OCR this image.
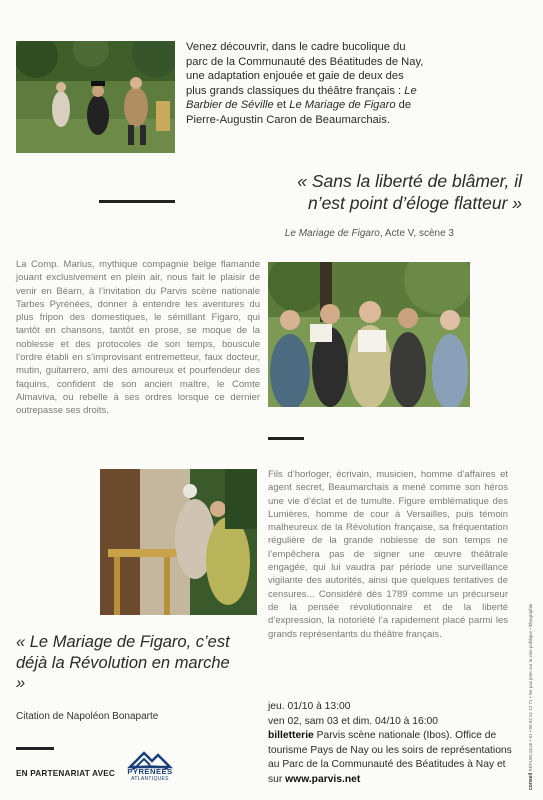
Venez découvrir, dans le cadre bucolique du parc de la Communauté des Béatitudes de Nay, une adaptation enjouée et gaie de deux des plus grands classiques du théâtre français : Le Barbier de Séville et Le Mariage de Figaro de Pierre-Augustin Caron de Beaumarchais.
« Sans la liberté de blâmer, il n’est point d’éloge flatteur »
Le Mariage de Figaro, Acte V, scène 3
La Comp. Marius, mythique compagnie belge flamande jouant exclusivement en plein air, nous fait le plaisir de venir en Béarn, à l’invitation du Parvis scène nationale Tarbes Pyrénées, donner à entendre les aventures du plus fripon des domestiques, le sémillant Figaro, qui tantôt en chansons, tantôt en prose, se moque de la noblesse et des protocoles de son temps, bouscule l’ordre établi en s’improvisant entremetteur, faux docteur, mutin, guitarrero, ami des amoureux et pourfendeur des faquins, confident de son ancien maître, le Comte Almaviva, ou rebelle à ses ordres lorsque ce dernier outrepasse ses droits.
Fils d’horloger, écrivain, musicien, homme d’affaires et agent secret, Beaumarchais a mené comme son héros une vie d’éclat et de tumulte. Figure emblématique des Lumières, homme de cour à Versailles, puis témoin malheureux de la Révolution française, sa fréquentation régulière de la grande noblesse de son temps ne l’empêchera pas de signer une œuvre théâtrale engagée, qui lui vaudra par période une surveillance vigilante des autorités, ainsi que quelques tentatives de censures... Considéré dès 1789 comme un précurseur de la pensée révolutionnaire et de la liberté d’expression, la notoriété l’a rapidement placé parmi les grands représentants du théâtre français.
« Le Mariage de Figaro, c’est déjà la Révolution en marche »
Citation de Napoléon Bonaparte
jeu. 01/10 à 13:00
ven 02, sam 03 et dim. 04/10 à 16:00
billetterie Parvis scène nationale (Ibos). Office de tourisme Pays de Nay ou les soirs de représentations au Parc de la Communauté des Béatitudes à Nay et sur www.parvis.net
EN PARTENARIAT AVEC	PYRÉNÉES
ATLANTIQUES	conseil RÉPUBLIQUE • 61 • 05 62 51 12 71 • Ne pas jeter sur la voie publique • lithographie
